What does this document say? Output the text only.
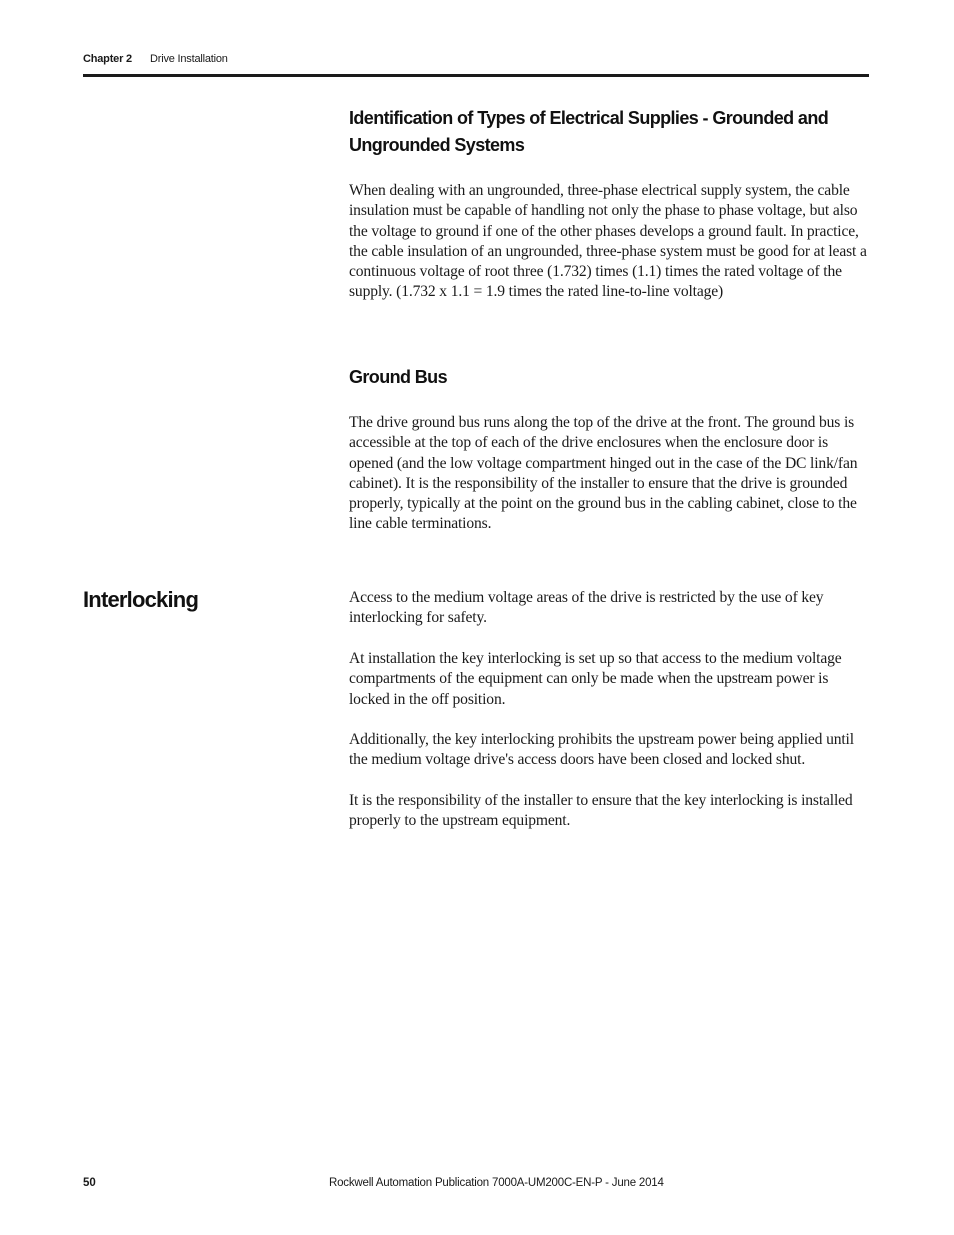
Chapter 2 Drive Installation
Identification of Types of Electrical Supplies - Grounded and Ungrounded Systems

When dealing with an ungrounded, three-phase electrical supply system, the cable insulation must be capable of handling not only the phase to phase voltage, but also the voltage to ground if one of the other phases develops a ground fault. In practice, the cable insulation of an ungrounded, three-phase system must be good for at least a continuous voltage of root three (1.732) times (1.1) times the rated voltage of the supply. (1.732 x 1.1 = 1.9 times the rated line-to-line voltage)

Ground Bus

The drive ground bus runs along the top of the drive at the front. The ground bus is accessible at the top of each of the drive enclosures when the enclosure door is opened (and the low voltage compartment hinged out in the case of the DC link/fan cabinet). It is the responsibility of the installer to ensure that the drive is grounded properly, typically at the point on the ground bus in the cabling cabinet, close to the line cable terminations.

Interlocking	Access to the medium voltage areas of the drive is restricted by the use of key interlocking for safety.

At installation the key interlocking is set up so that access to the medium voltage compartments of the equipment can only be made when the upstream power is locked in the off position.

Additionally, the key interlocking prohibits the upstream power being applied until the medium voltage drive's access doors have been closed and locked shut.

It is the responsibility of the installer to ensure that the key interlocking is installed properly to the upstream equipment.

50	Rockwell Automation Publication 7000A-UM200C-EN-P - June 2014
